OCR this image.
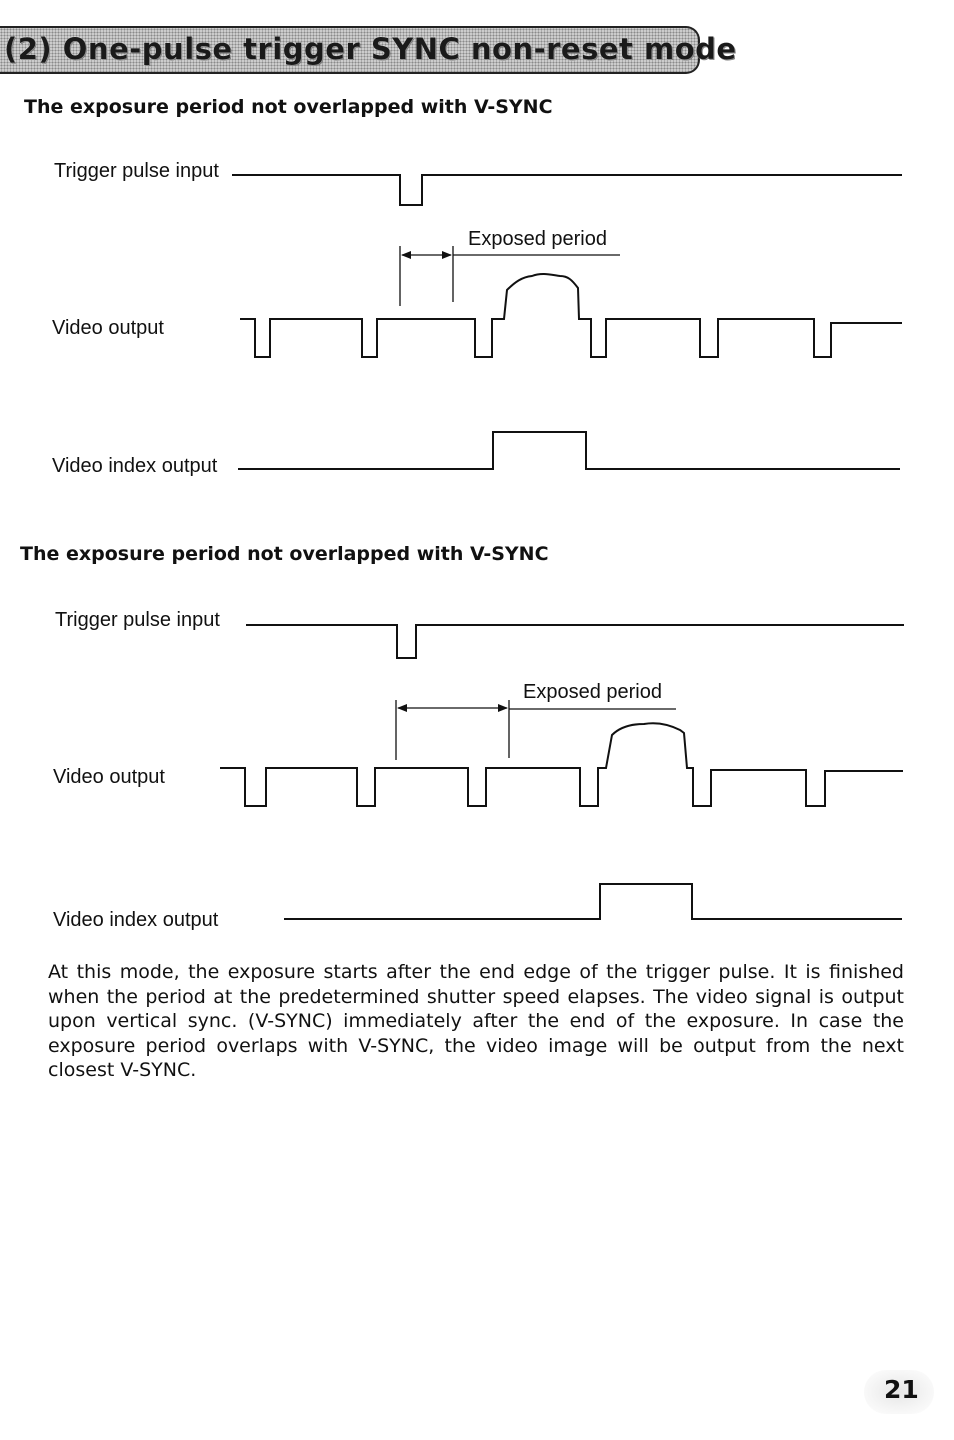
(2) One-pulse trigger SYNC non-reset mode
The exposure period not overlapped with V-SYNC
Trigger pulse input
Exposed period
Video output
Video index output
The exposure period not overlapped with V-SYNC
Trigger pulse input
Exposed period
Video output
Video index output
At this mode, the exposure starts after the end edge of the trigger pulse. It is finished when the period at the predetermined shutter speed elapses. The video signal is output upon vertical sync. (V-SYNC) immediately after the end of the exposure. In case the exposure period overlaps with V-SYNC, the video image will be output from the next closest V-SYNC.
21
